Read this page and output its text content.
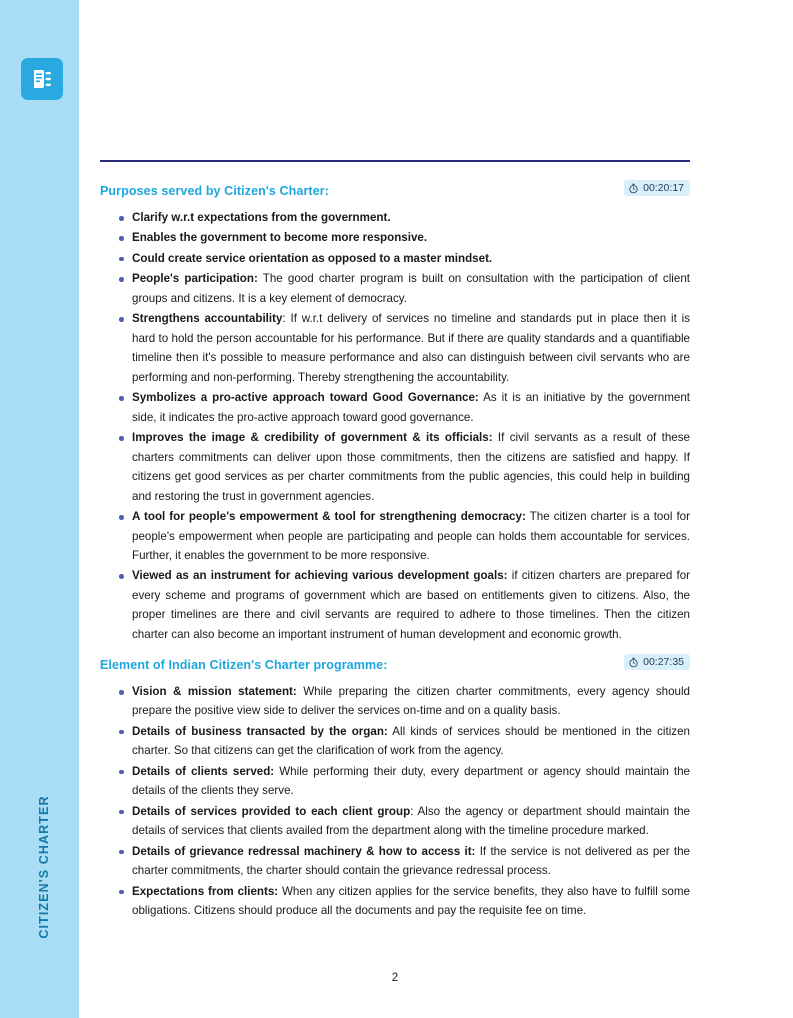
CITIZEN'S CHARTER
Purposes served by Citizen's Charter:	00:20:17
Clarify w.r.t expectations from the government.
Enables the government to become more responsive.
Could create service orientation as opposed to a master mindset.
People's participation: The good charter program is built on consultation with the participation of client groups and citizens. It is a key element of democracy.
Strengthens accountability: If w.r.t delivery of services no timeline and standards put in place then it is hard to hold the person accountable for his performance. But if there are quality standards and a quantifiable timeline then it's possible to measure performance and also can distinguish between civil servants who are performing and non-performing. Thereby strengthening the accountability.
Symbolizes a pro-active approach toward Good Governance: As it is an initiative by the government side, it indicates the pro-active approach toward good governance.
Improves the image & credibility of government & its officials: If civil servants as a result of these charters commitments can deliver upon those commitments, then the citizens are satisfied and happy. If citizens get good services as per charter commitments from the public agencies, this could help in building and restoring the trust in government agencies.
A tool for people's empowerment & tool for strengthening democracy: The citizen charter is a tool for people's empowerment when people are participating and people can holds them accountable for services. Further, it enables the government to be more responsive.
Viewed as an instrument for achieving various development goals: if citizen charters are prepared for every scheme and programs of government which are based on entitlements given to citizens. Also, the proper timelines are there and civil servants are required to adhere to those timelines. Then the citizen charter can also become an important instrument of human development and economic growth.
Element of Indian Citizen's Charter programme:	00:27:35
Vision & mission statement: While preparing the citizen charter commitments, every agency should prepare the positive view side to deliver the services on-time and on a quality basis.
Details of business transacted by the organ: All kinds of services should be mentioned in the citizen charter. So that citizens can get the clarification of work from the agency.
Details of clients served: While performing their duty, every department or agency should maintain the details of the clients they serve.
Details of services provided to each client group: Also the agency or department should maintain the details of services that clients availed from the department along with the timeline procedure marked.
Details of grievance redressal machinery & how to access it: If the service is not delivered as per the charter commitments, the charter should contain the grievance redressal process.
Expectations from clients: When any citizen applies for the service benefits, they also have to fulfill some obligations. Citizens should produce all the documents and pay the requisite fee on time.
2
